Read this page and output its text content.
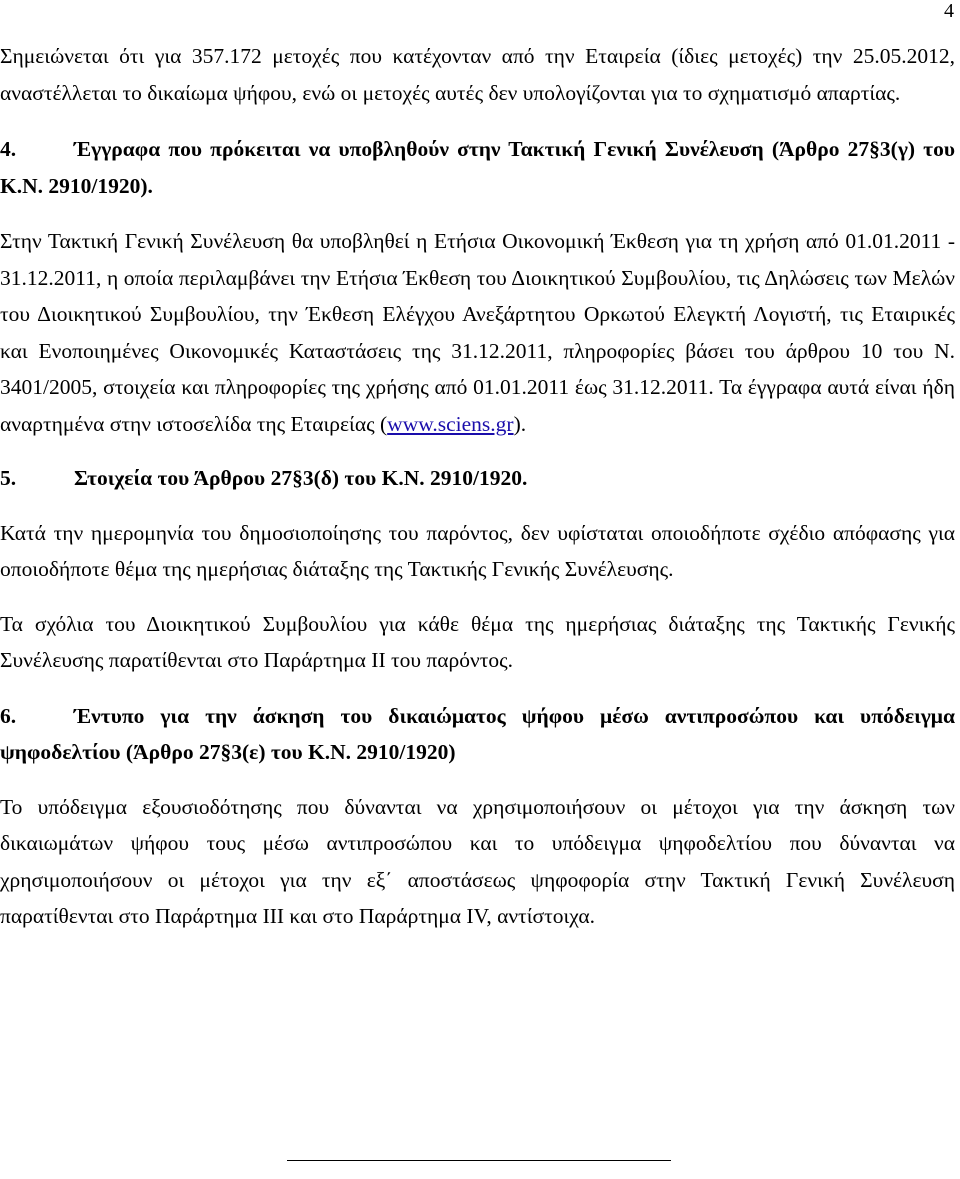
4

Σημειώνεται ότι για 357.172 μετοχές που κατέχονταν από την Εταιρεία (ίδιες μετοχές) την 25.05.2012, αναστέλλεται το δικαίωμα ψήφου, ενώ οι μετοχές αυτές δεν υπολογίζονται για το σχηματισμό απαρτίας.

4.	Έγγραφα που πρόκειται να υποβληθούν στην Τακτική Γενική Συνέλευση (Άρθρο 27§3(γ) του Κ.Ν. 2910/1920).

Στην Τακτική Γενική Συνέλευση θα υποβληθεί η Ετήσια Οικονομική Έκθεση για τη χρήση από 01.01.2011 - 31.12.2011, η οποία περιλαμβάνει την Ετήσια Έκθεση του Διοικητικού Συμβουλίου, τις Δηλώσεις των Μελών του Διοικητικού Συμβουλίου, την Έκθεση Ελέγχου Ανεξάρτητου Ορκωτού Ελεγκτή Λογιστή, τις Εταιρικές και Ενοποιημένες Οικονομικές Καταστάσεις της 31.12.2011, πληροφορίες βάσει του άρθρου 10 του Ν. 3401/2005, στοιχεία και πληροφορίες της χρήσης από 01.01.2011 έως 31.12.2011. Τα έγγραφα αυτά είναι ήδη αναρτημένα στην ιστοσελίδα της Εταιρείας (www.sciens.gr).

5.	Στοιχεία του Άρθρου 27§3(δ) του Κ.Ν. 2910/1920.

Κατά την ημερομηνία του δημοσιοποίησης του παρόντος, δεν υφίσταται οποιοδήποτε σχέδιο απόφασης για οποιοδήποτε θέμα της ημερήσιας διάταξης της Τακτικής Γενικής Συνέλευσης.

Τα σχόλια του Διοικητικού Συμβουλίου για κάθε θέμα της ημερήσιας διάταξης της Τακτικής Γενικής Συνέλευσης παρατίθενται στο Παράρτημα ΙΙ του παρόντος.

6.	Έντυπο για την άσκηση του δικαιώματος ψήφου μέσω αντιπροσώπου και υπόδειγμα ψηφοδελτίου (Άρθρο 27§3(ε) του Κ.Ν. 2910/1920)

Το υπόδειγμα εξουσιοδότησης που δύνανται να χρησιμοποιήσουν οι μέτοχοι για την άσκηση των δικαιωμάτων ψήφου τους μέσω αντιπροσώπου και το υπόδειγμα ψηφοδελτίου που δύνανται να χρησιμοποιήσουν οι μέτοχοι για την εξ΄ αποστάσεως ψηφοφορία στην Τακτική Γενική Συνέλευση παρατίθενται στο Παράρτημα ΙΙΙ και στο Παράρτημα IV, αντίστοιχα.
